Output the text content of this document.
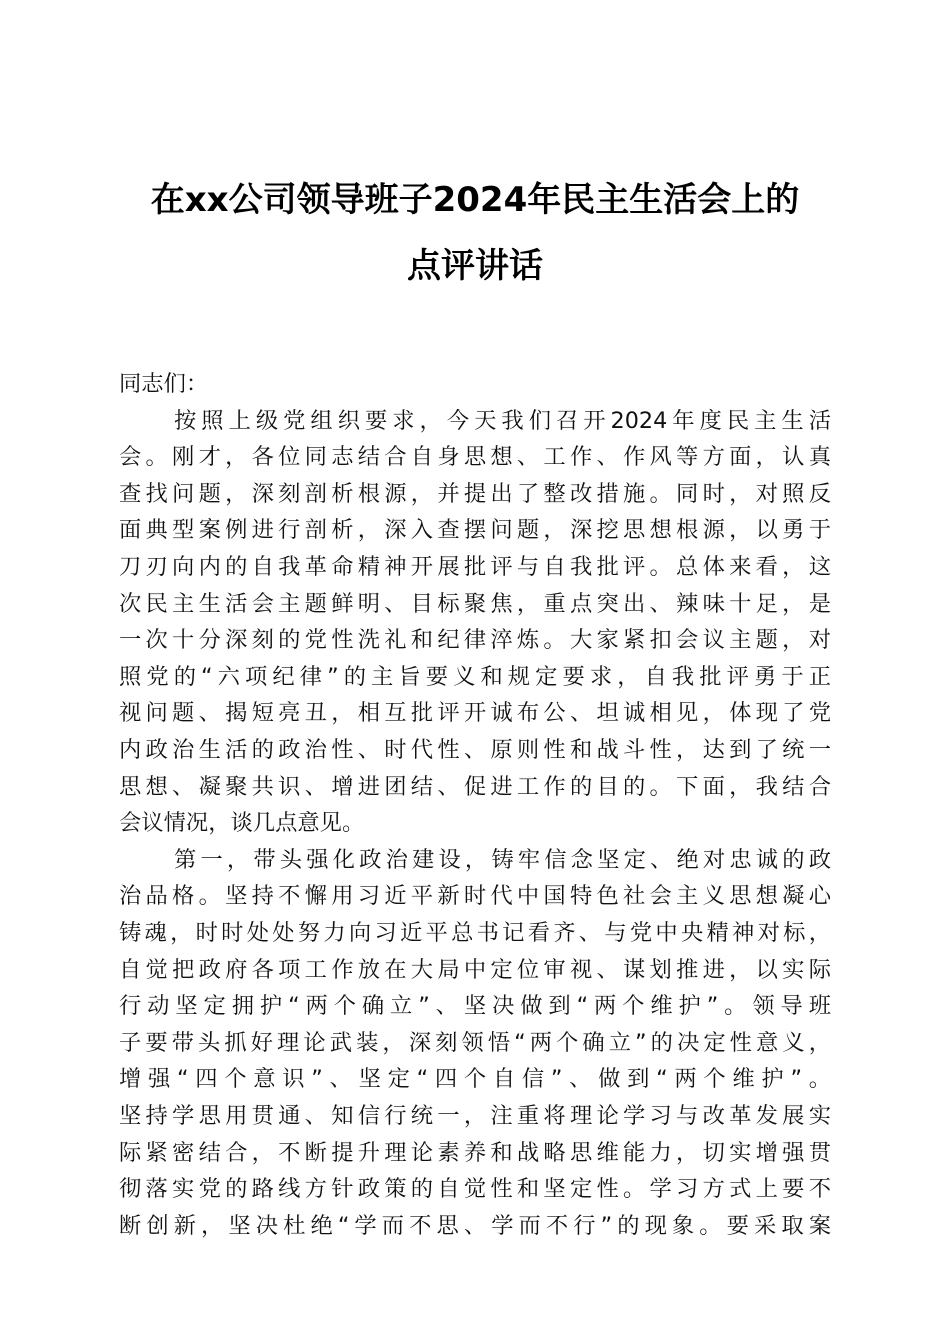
在xx公司领导班子2024年民主生活会上的
点评讲话
同志们：
按照上级党组织要求，今天我们召开2024年度民主生活
会。刚才，各位同志结合自身思想、工作、作风等方面，认真
查找问题，深刻剖析根源，并提出了整改措施。同时，对照反
面典型案例进行剖析，深入查摆问题，深挖思想根源，以勇于
刀刃向内的自我革命精神开展批评与自我批评。总体来看，这
次民主生活会主题鲜明、目标聚焦，重点突出、辣味十足，是
一次十分深刻的党性洗礼和纪律淬炼。大家紧扣会议主题，对
照党的“六项纪律”的主旨要义和规定要求，自我批评勇于正
视问题、揭短亮丑，相互批评开诚布公、坦诚相见，体现了党
内政治生活的政治性、时代性、原则性和战斗性，达到了统一
思想、凝聚共识、增进团结、促进工作的目的。下面，我结合
会议情况，谈几点意见。
第一，带头强化政治建设，铸牢信念坚定、绝对忠诚的政
治品格。坚持不懈用习近平新时代中国特色社会主义思想凝心
铸魂，时时处处努力向习近平总书记看齐、与党中央精神对标，
自觉把政府各项工作放在大局中定位审视、谋划推进，以实际
行动坚定拥护“两个确立”、坚决做到“两个维护”。领导班
子要带头抓好理论武装，深刻领悟“两个确立”的决定性意义，
增强“四个意识”、坚定“四个自信”、做到“两个维护”。
坚持学思用贯通、知信行统一，注重将理论学习与改革发展实
际紧密结合，不断提升理论素养和战略思维能力，切实增强贯
彻落实党的路线方针政策的自觉性和坚定性。学习方式上要不
断创新，坚决杜绝“学而不思、学而不行”的现象。要采取案
